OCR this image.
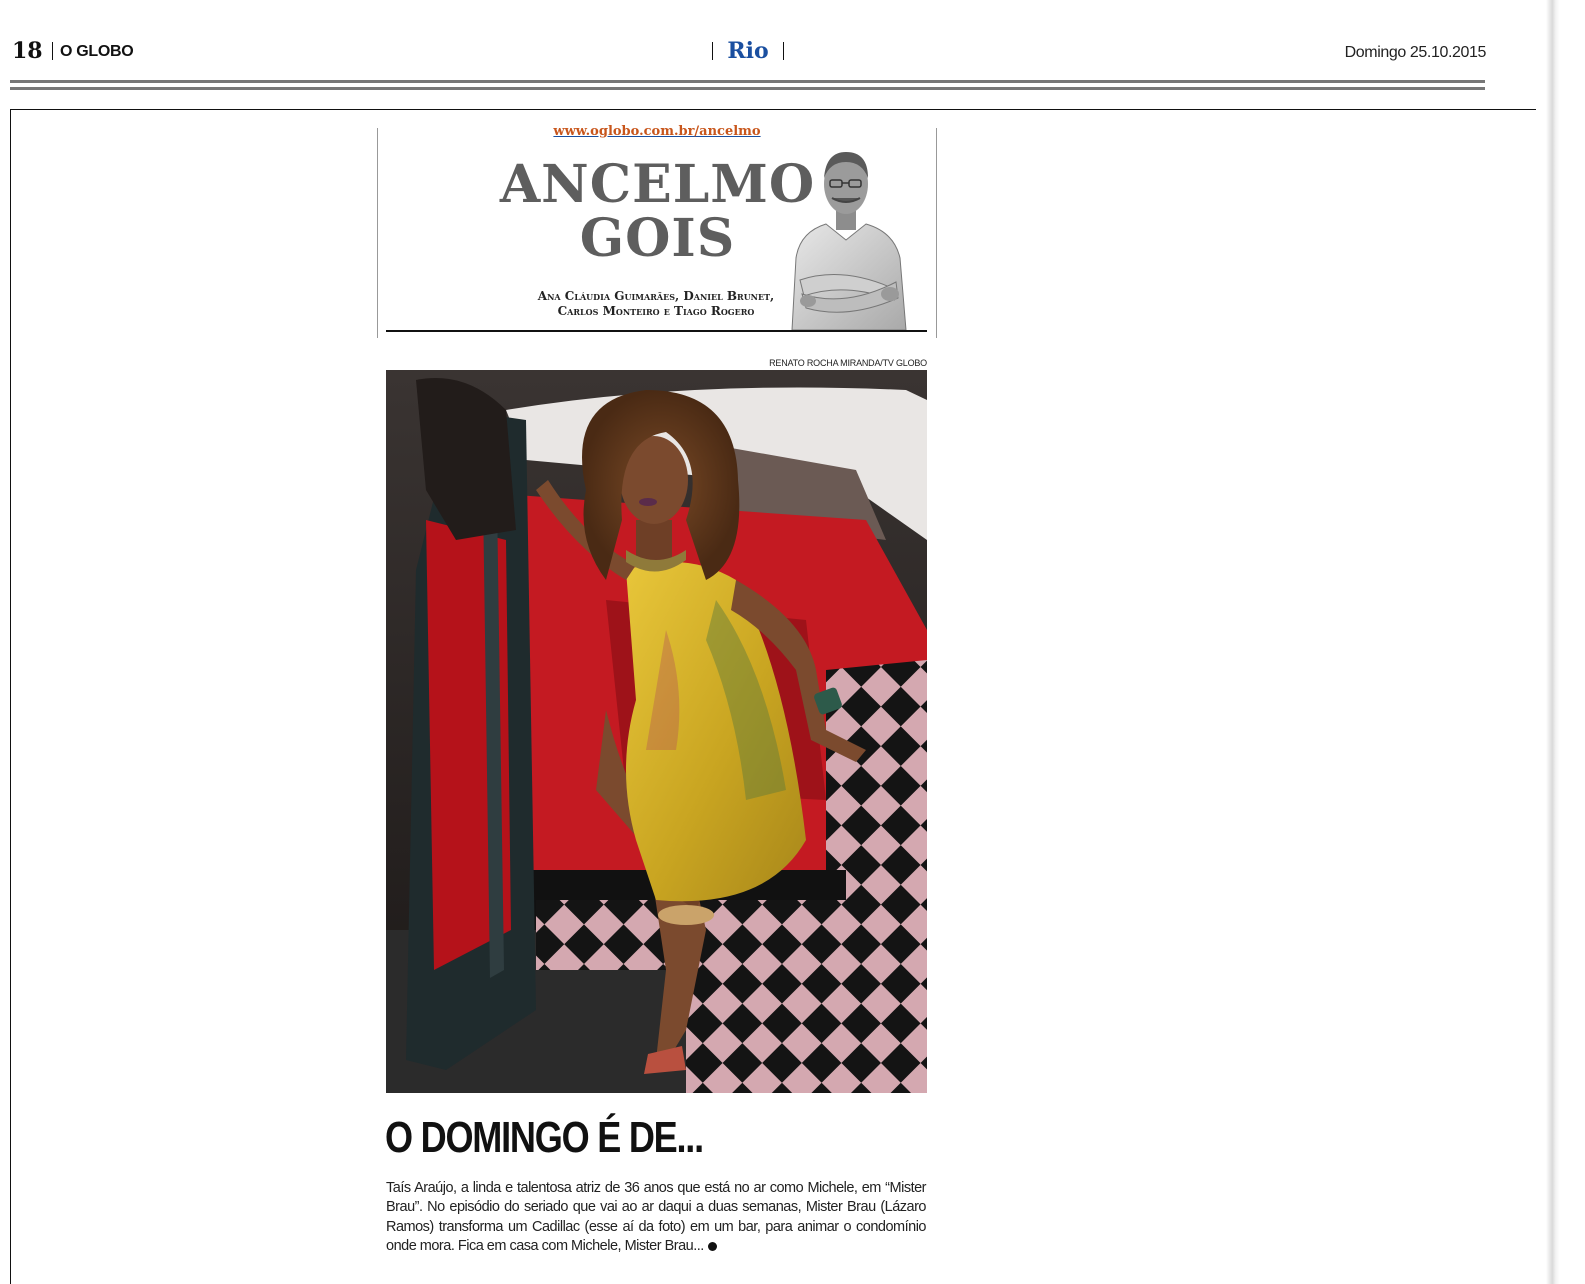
18 O GLOBO	Rio	Domingo 25.10.2015
www.oglobo.com.br/ancelmo
ANCELMO
GOIS
Ana Cláudia Guimarães, Daniel Brunet,
Carlos Monteiro e Tiago Rogero
RENATO ROCHA MIRANDA/TV GLOBO
O DOMINGO É DE...
Taís Araújo, a linda e talentosa atriz de 36 anos que está no ar como Michele, em “Mister Brau”. No episódio do seriado que vai ao ar daqui a duas semanas, Mister Brau (Lázaro Ramos) transforma um Cadillac (esse aí da foto) em um bar, para animar o condomínio onde mora. Fica em casa com Michele, Mister Brau...
